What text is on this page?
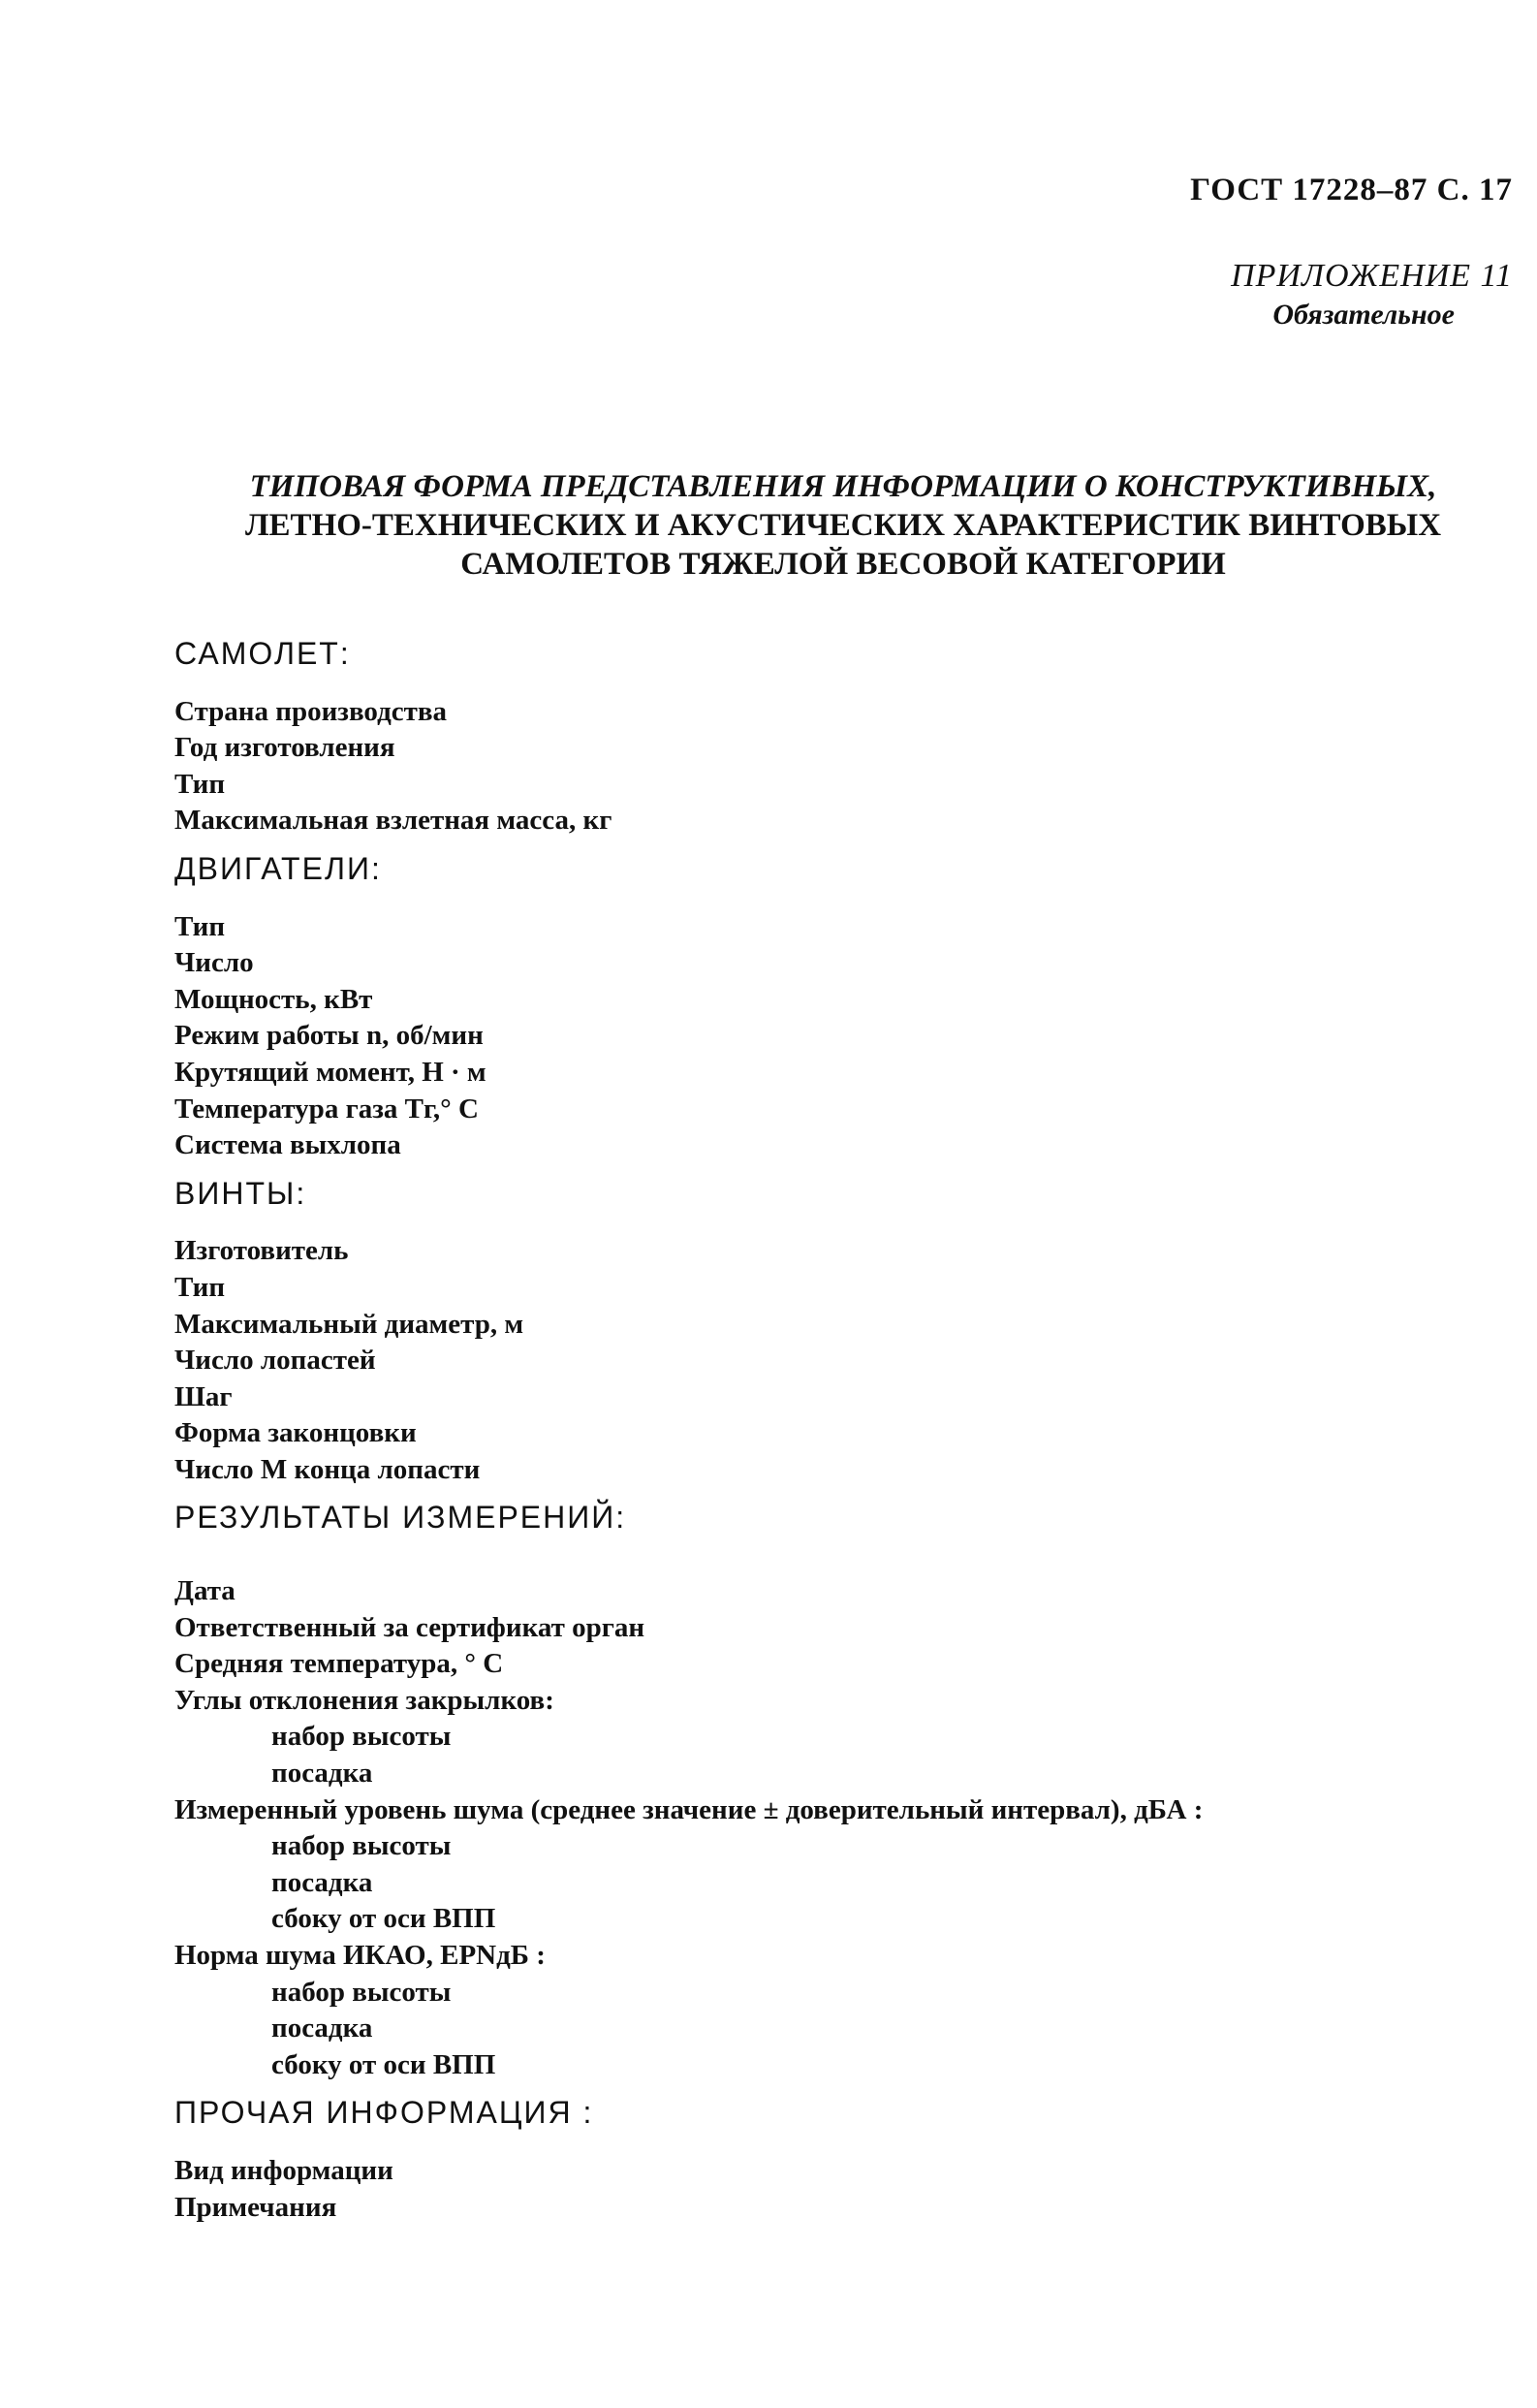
ГОСТ 17228–87 С. 17
ПРИЛОЖЕНИЕ 11
Обязательное
ТИПОВАЯ ФОРМА ПРЕДСТАВЛЕНИЯ ИНФОРМАЦИИ О КОНСТРУКТИВНЫХ,
ЛЕТНО-ТЕХНИЧЕСКИХ И АКУСТИЧЕСКИХ ХАРАКТЕРИСТИК ВИНТОВЫХ
САМОЛЕТОВ ТЯЖЕЛОЙ ВЕСОВОЙ КАТЕГОРИИ
САМОЛЕТ:
Страна производства
Год изготовления
Тип
Максимальная взлетная масса, кг
ДВИГАТЕЛИ:
Тип
Число
Мощность, кВт
Режим работы n, об/мин
Крутящий момент, Н · м
Температура газа Tг,° С
Система выхлопа
ВИНТЫ:
Изготовитель
Тип
Максимальный диаметр, м
Число лопастей
Шаг
Форма законцовки
Число M конца лопасти
РЕЗУЛЬТАТЫ ИЗМЕРЕНИЙ:
Дата
Ответственный за сертификат орган
Средняя температура, ° С
Углы отклонения закрылков:
набор высоты
посадка
Измеренный уровень шума (среднее значение ± доверительный интервал), дБА :
набор высоты
посадка
сбоку от оси ВПП
Норма шума ИКАО, EPNдБ :
набор высоты
посадка
сбоку от оси ВПП
ПРОЧАЯ ИНФОРМАЦИЯ :
Вид информации
Примечания
